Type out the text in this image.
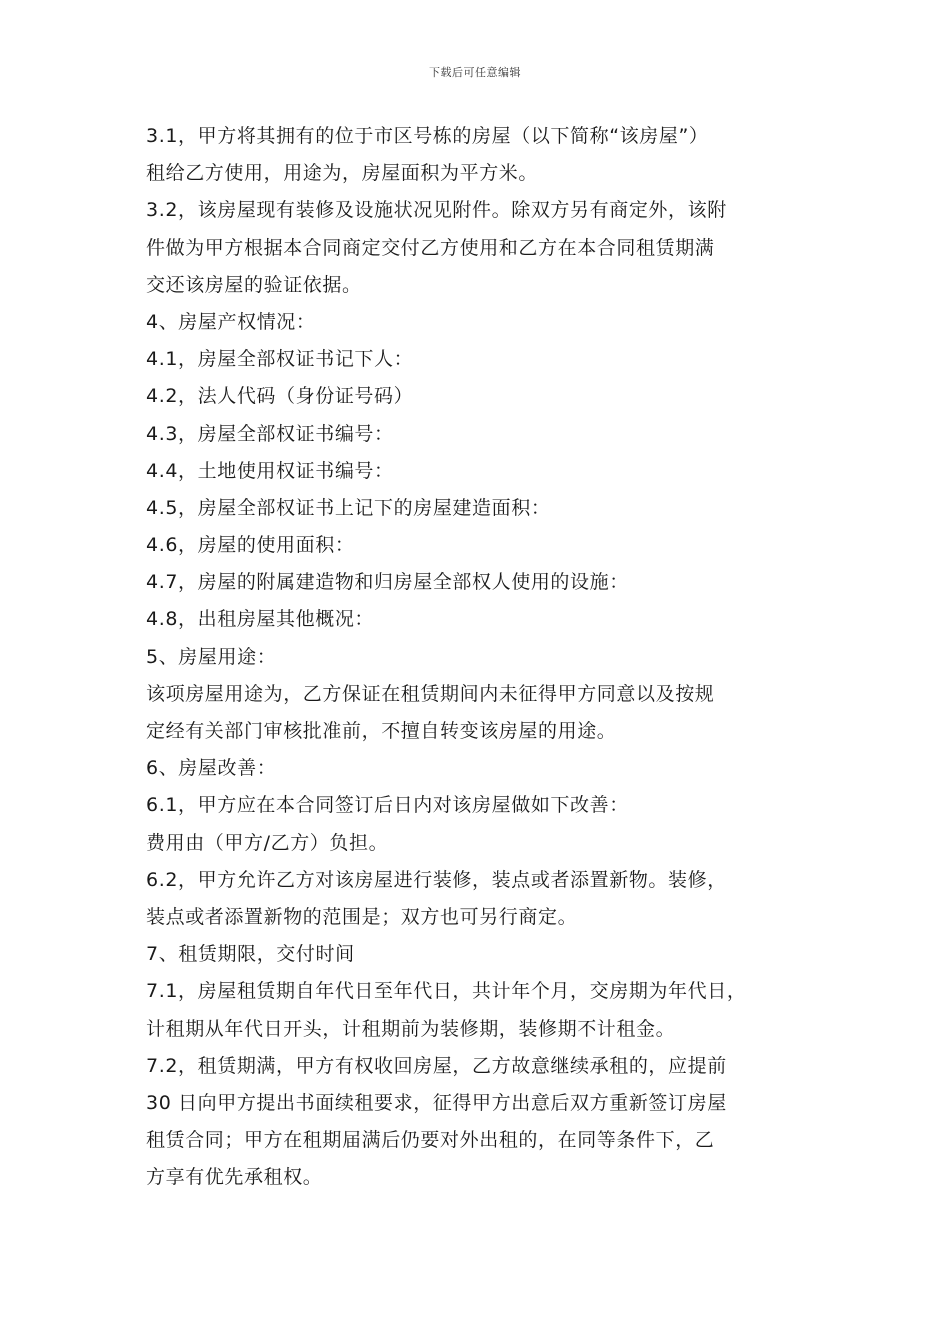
下载后可任意编辑
3.1，甲方将其拥有的位于市区号栋的房屋（以下简称“该房屋”）
租给乙方使用，用途为，房屋面积为平方米。
3.2，该房屋现有装修及设施状况见附件。除双方另有商定外，该附
件做为甲方根据本合同商定交付乙方使用和乙方在本合同租赁期满
交还该房屋的验证依据。
4、房屋产权情况：
4.1，房屋全部权证书记下人：
4.2，法人代码（身份证号码）
4.3，房屋全部权证书编号：
4.4，土地使用权证书编号：
4.5，房屋全部权证书上记下的房屋建造面积：
4.6，房屋的使用面积：
4.7，房屋的附属建造物和归房屋全部权人使用的设施：
4.8，出租房屋其他概况：
5、房屋用途：
该项房屋用途为，乙方保证在租赁期间内未征得甲方同意以及按规
定经有关部门审核批准前，不擅自转变该房屋的用途。
6、房屋改善：
6.1，甲方应在本合同签订后日内对该房屋做如下改善：
费用由（甲方/乙方）负担。
6.2，甲方允许乙方对该房屋进行装修，装点或者添置新物。装修，
装点或者添置新物的范围是；双方也可另行商定。
7、租赁期限，交付时间
7.1，房屋租赁期自年代日至年代日，共计年个月，交房期为年代日，
计租期从年代日开头，计租期前为装修期，装修期不计租金。
7.2，租赁期满，甲方有权收回房屋，乙方故意继续承租的，应提前
30 日向甲方提出书面续租要求，征得甲方出意后双方重新签订房屋
租赁合同；甲方在租期届满后仍要对外出租的，在同等条件下，乙
方享有优先承租权。
